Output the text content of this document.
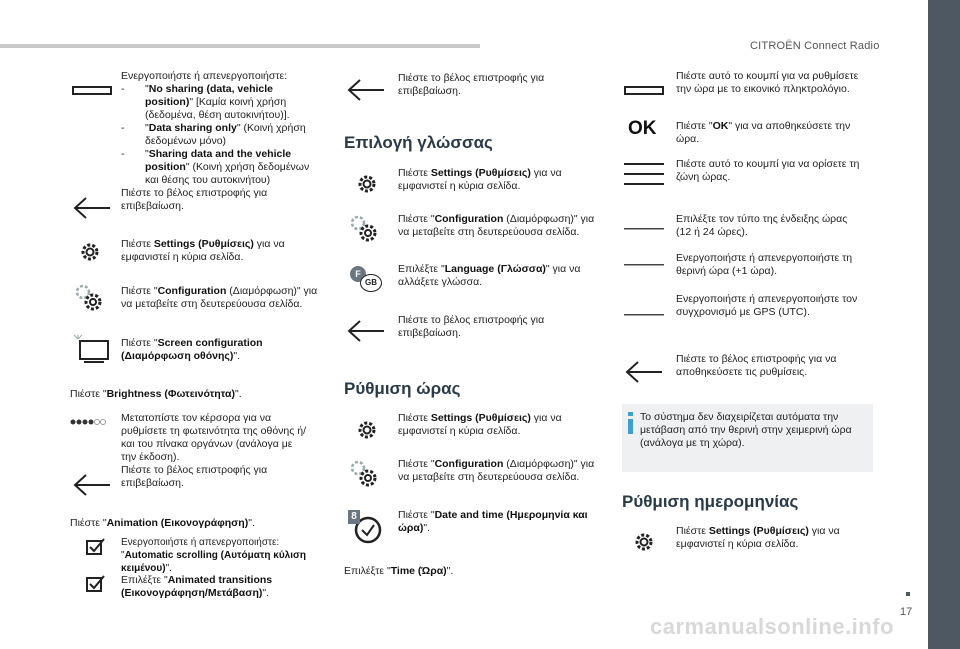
CITROËN Connect Radio
17
carmanualsonline.info
Ενεργοποιήστε ή απενεργοποιήστε:
- "No sharing (data, vehicle position)" [Καμία κοινή χρήση (δεδομένα, θέση αυτοκινήτου)].
- "Data sharing only" (Κοινή χρήση δεδομένων μόνο)
- "Sharing data and the vehicle position" (Κοινή χρήση δεδομένων και θέσης του αυτοκινήτου)
Πιέστε το βέλος επιστροφής για επιβεβαίωση.
Πιέστε Settings (Ρυθμίσεις) για να εμφανιστεί η κύρια σελίδα.
Πιέστε "Configuration (Διαμόρφωση)" για να μεταβείτε στη δευτερεύουσα σελίδα.
Πιέστε "Screen configuration (Διαμόρφωση οθόνης)".
Πιέστε "Brightness (Φωτεινότητα)".
Μετατοπίστε τον κέρσορα για να ρυθμίσετε τη φωτεινότητα της οθόνης ή/ και του πίνακα οργάνων (ανάλογα με την έκδοση).
Πιέστε το βέλος επιστροφής για επιβεβαίωση.
Πιέστε "Animation (Εικονογράφηση)".
Ενεργοποιήστε ή απενεργοποιήστε: "Automatic scrolling (Αυτόματη κύλιση κειμένου)".
Επιλέξτε "Animated transitions (Εικονογράφηση/Μετάβαση)".
Πιέστε το βέλος επιστροφής για επιβεβαίωση.
Επιλογή γλώσσας
Πιέστε Settings (Ρυθμίσεις) για να εμφανιστεί η κύρια σελίδα.
Πιέστε "Configuration (Διαμόρφωση)" για να μεταβείτε στη δευτερεύουσα σελίδα.
F
GB
Επιλέξτε "Language (Γλώσσα)" για να αλλάξετε γλώσσα.
Πιέστε το βέλος επιστροφής για επιβεβαίωση.
Ρύθμιση ώρας
Πιέστε Settings (Ρυθμίσεις) για να εμφανιστεί η κύρια σελίδα.
Πιέστε "Configuration (Διαμόρφωση)" για να μεταβείτε στη δευτερεύουσα σελίδα.
8	Πιέστε "Date and time (Ημερομηνία και ώρα)".
Επιλέξτε "Time (Ώρα)".
Πιέστε αυτό το κουμπί για να ρυθμίσετε την ώρα με το εικονικό πληκτρολόγιο.
OK Πιέστε "OK" για να αποθηκεύσετε την ώρα.
Πιέστε αυτό το κουμπί για να ορίσετε τη ζώνη ώρας.
Επιλέξτε τον τύπο της ένδειξης ώρας (12 ή 24 ώρες).
Ενεργοποιήστε ή απενεργοποιήστε τη θερινή ώρα (+1 ώρα).
Ενεργοποιήστε ή απενεργοποιήστε τον συγχρονισμό με GPS (UTC).
Πιέστε το βέλος επιστροφής για να αποθηκεύσετε τις ρυθμίσεις.
Το σύστημα δεν διαχειρίζεται αυτόματα την μετάβαση από την θερινή στην χειμερινή ώρα (ανάλογα με τη χώρα).
Ρύθμιση ημερομηνίας
Πιέστε Settings (Ρυθμίσεις) για να εμφανιστεί η κύρια σελίδα.
